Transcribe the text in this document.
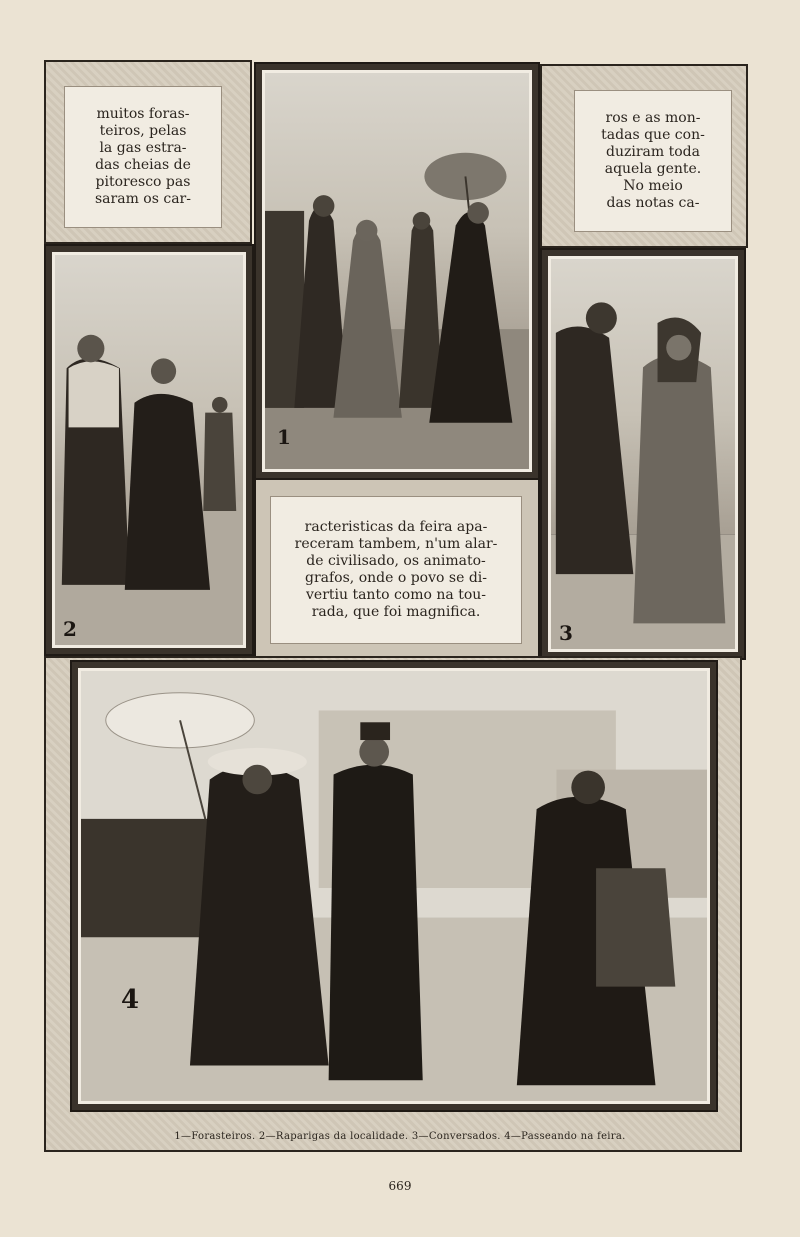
muitos foras-
teiros, pelas
la gas estra-
das cheias de
pitoresco pas
saram os car-
ros e as mon-
tadas que con-
duziram toda
aquela gente.
No meio
das notas ca-
1
2
racteristicas da feira apa-
receram tambem, n'um alar-
de civilisado, os animato-
grafos, onde o povo se di-
vertiu tanto como na tou-
rada, que foi magnifica.
3
4
1—Forasteiros. 2—Raparigas da localidade. 3—Conversados. 4—Passeando na feira.
669
